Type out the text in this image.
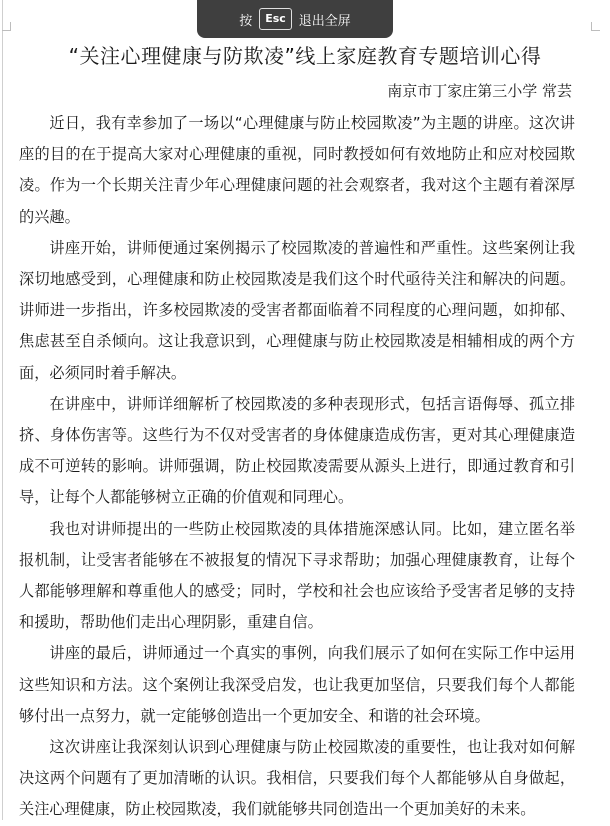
按	Esc	退出全屏
“关注心理健康与防欺凌”线上家庭教育专题培训心得
南京市丁家庄第三小学 常芸

近日，我有幸参加了一场以“心理健康与防止校园欺凌”为主题的讲座。这次讲座的目的在于提高大家对心理健康的重视，同时教授如何有效地防止和应对校园欺凌。作为一个长期关注青少年心理健康问题的社会观察者，我对这个主题有着深厚的兴趣。

讲座开始，讲师便通过案例揭示了校园欺凌的普遍性和严重性。这些案例让我深切地感受到，心理健康和防止校园欺凌是我们这个时代亟待关注和解决的问题。讲师进一步指出，许多校园欺凌的受害者都面临着不同程度的心理问题，如抑郁、焦虑甚至自杀倾向。这让我意识到，心理健康与防止校园欺凌是相辅相成的两个方面，必须同时着手解决。

在讲座中，讲师详细解析了校园欺凌的多种表现形式，包括言语侮辱、孤立排挤、身体伤害等。这些行为不仅对受害者的身体健康造成伤害，更对其心理健康造成不可逆转的影响。讲师强调，防止校园欺凌需要从源头上进行，即通过教育和引导，让每个人都能够树立正确的价值观和同理心。

我也对讲师提出的一些防止校园欺凌的具体措施深感认同。比如，建立匿名举报机制，让受害者能够在不被报复的情况下寻求帮助；加强心理健康教育，让每个人都能够理解和尊重他人的感受；同时，学校和社会也应该给予受害者足够的支持和援助，帮助他们走出心理阴影，重建自信。

讲座的最后，讲师通过一个真实的事例，向我们展示了如何在实际工作中运用这些知识和方法。这个案例让我深受启发，也让我更加坚信，只要我们每个人都能够付出一点努力，就一定能够创造出一个更加安全、和谐的社会环境。

这次讲座让我深刻认识到心理健康与防止校园欺凌的重要性，也让我对如何解决这两个问题有了更加清晰的认识。我相信，只要我们每个人都能够从自身做起，关注心理健康，防止校园欺凌，我们就能够共同创造出一个更加美好的未来。
